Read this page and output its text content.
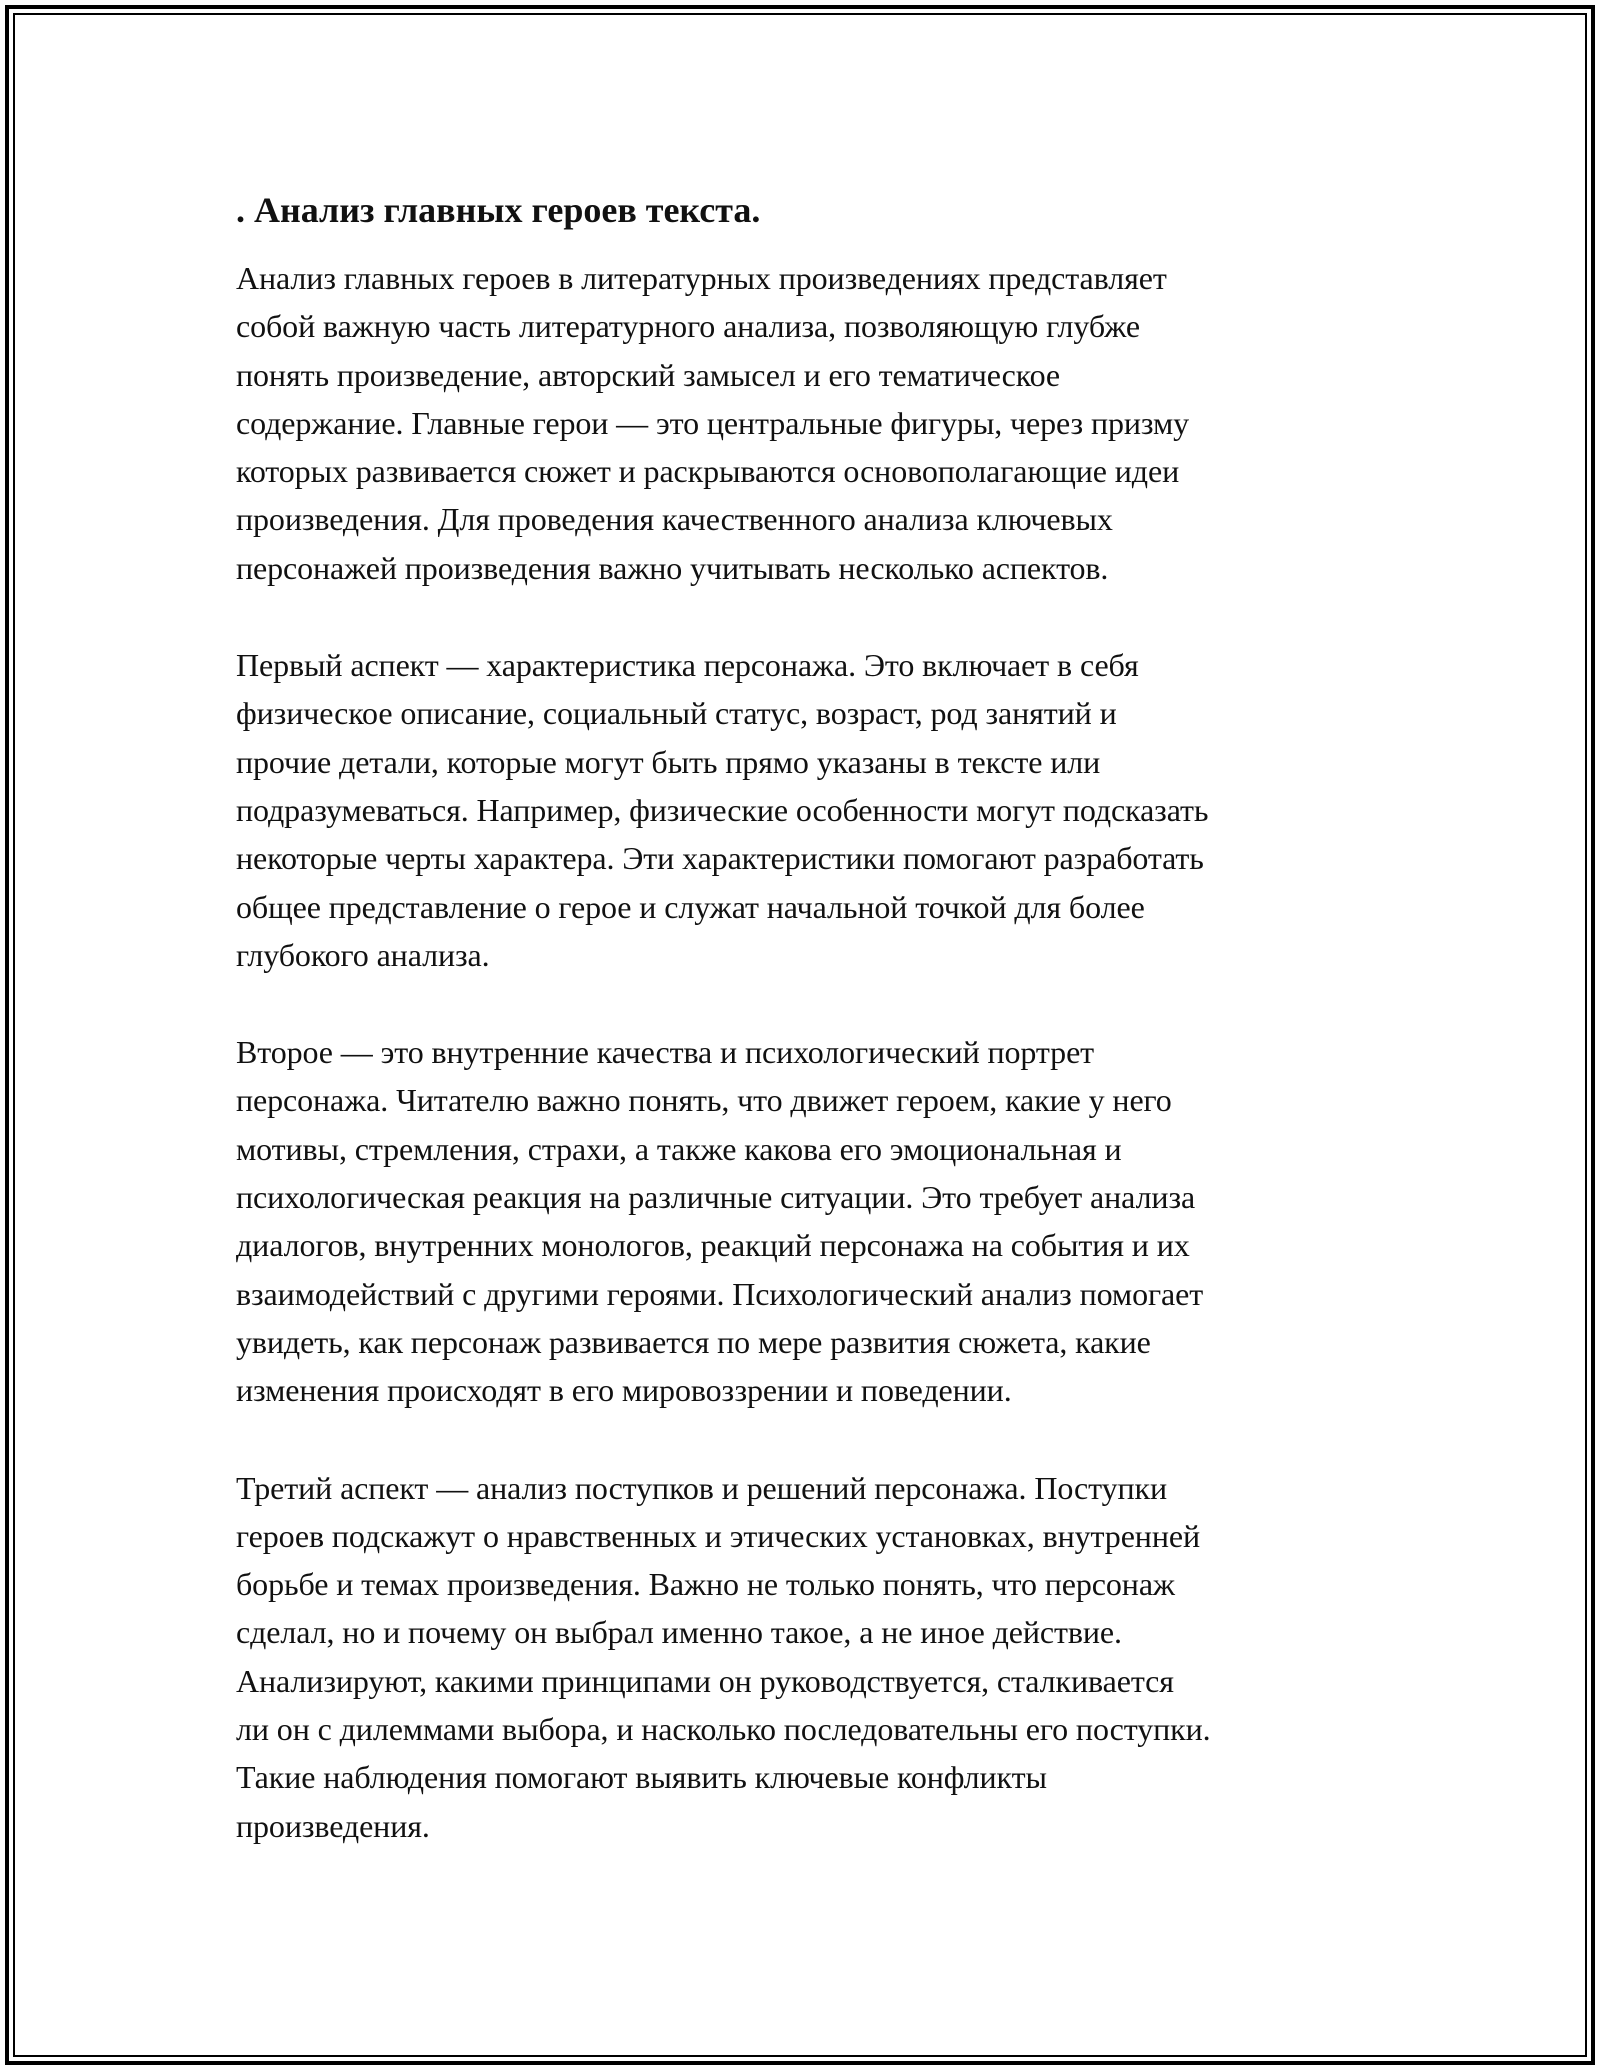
. Анализ главных героев текста.

Анализ главных героев в литературных произведениях представляет
собой важную часть литературного анализа, позволяющую глубже
понять произведение, авторский замысел и его тематическое
содержание. Главные герои — это центральные фигуры, через призму
которых развивается сюжет и раскрываются основополагающие идеи
произведения. Для проведения качественного анализа ключевых
персонажей произведения важно учитывать несколько аспектов.

Первый аспект — характеристика персонажа. Это включает в себя
физическое описание, социальный статус, возраст, род занятий и
прочие детали, которые могут быть прямо указаны в тексте или
подразумеваться. Например, физические особенности могут подсказать
некоторые черты характера. Эти характеристики помогают разработать
общее представление о герое и служат начальной точкой для более
глубокого анализа.

Второе — это внутренние качества и психологический портрет
персонажа. Читателю важно понять, что движет героем, какие у него
мотивы, стремления, страхи, а также какова его эмоциональная и
психологическая реакция на различные ситуации. Это требует анализа
диалогов, внутренних монологов, реакций персонажа на события и их
взаимодействий с другими героями. Психологический анализ помогает
увидеть, как персонаж развивается по мере развития сюжета, какие
изменения происходят в его мировоззрении и поведении.

Третий аспект — анализ поступков и решений персонажа. Поступки
героев подскажут о нравственных и этических установках, внутренней
борьбе и темах произведения. Важно не только понять, что персонаж
сделал, но и почему он выбрал именно такое, а не иное действие.
Анализируют, какими принципами он руководствуется, сталкивается
ли он с дилеммами выбора, и насколько последовательны его поступки.
Такие наблюдения помогают выявить ключевые конфликты
произведения.
